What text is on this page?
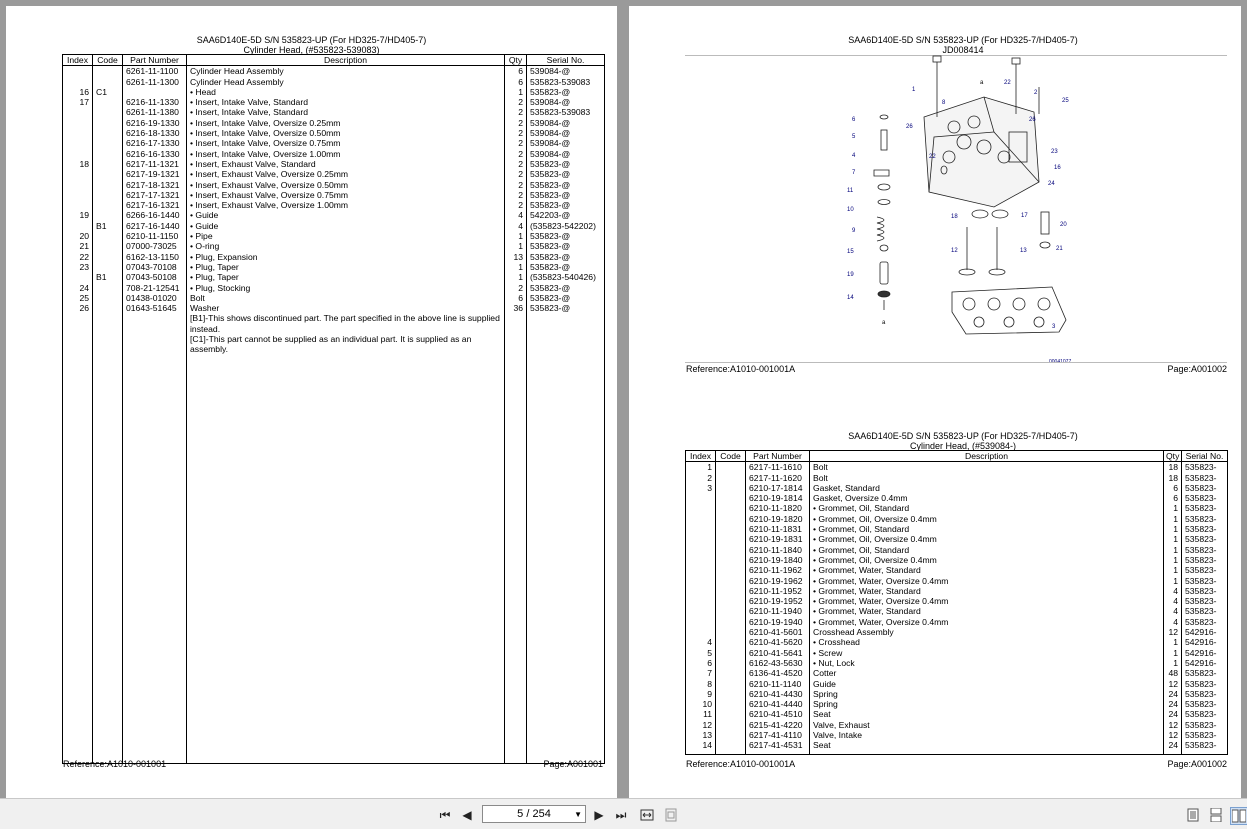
SAA6D140E-5D S/N 535823-UP (For HD325-7/HD405-7)
Cylinder Head, (#535823-539083)
Index	Code	Part Number	Description	Qty	Serial No.
		6261-11-1100	Cylinder Head Assembly	6	539084-@
		6261-11-1300	Cylinder Head Assembly	6	535823-539083
16	C1		• Head	1	535823-@
17		6216-11-1330	• Insert, Intake Valve, Standard	2	539084-@
		6261-11-1380	• Insert, Intake Valve, Standard	2	535823-539083
		6216-19-1330	• Insert, Intake Valve, Oversize 0.25mm	2	539084-@
		6216-18-1330	• Insert, Intake Valve, Oversize 0.50mm	2	539084-@
		6216-17-1330	• Insert, Intake Valve, Oversize 0.75mm	2	539084-@
		6216-16-1330	• Insert, Intake Valve, Oversize 1.00mm	2	539084-@
18		6217-11-1321	• Insert, Exhaust Valve, Standard	2	535823-@
		6217-19-1321	• Insert, Exhaust Valve, Oversize 0.25mm	2	535823-@
		6217-18-1321	• Insert, Exhaust Valve, Oversize 0.50mm	2	535823-@
		6217-17-1321	• Insert, Exhaust Valve, Oversize 0.75mm	2	535823-@
		6217-16-1321	• Insert, Exhaust Valve, Oversize 1.00mm	2	535823-@
19		6266-16-1440	• Guide	4	542203-@
	B1	6217-16-1440	• Guide	4	(535823-542202)
20		6210-11-1150	• Pipe	1	535823-@
21		07000-73025	• O-ring	1	535823-@
22		6162-13-1150	• Plug, Expansion	13	535823-@
23		07043-70108	• Plug, Taper	1	535823-@
	B1	07043-50108	• Plug, Taper	1	(535823-540426)
24		708-21-12541	• Plug, Stocking	2	535823-@
25		01438-01020	Bolt	6	535823-@
26		01643-51645	Washer	36	535823-@
			[B1]-This shows discontinued part. The part specified in the above line is supplied instead.		
			[C1]-This part cannot be supplied as an individual part. It is supplied as an assembly.		

Reference:A1010-001001	Page:A001001
SAA6D140E-5D S/N 535823-UP (For HD325-7/HD405-7)
JD008414
1
22
2
25
8
a
6
26
26
5
4
23
16
7
22
24
11
10
18	17
20
9
15	12	13	21
19
14
3
a
00041077
Reference:A1010-001001A	Page:A001002
SAA6D140E-5D S/N 535823-UP (For HD325-7/HD405-7)
Cylinder Head, (#539084-)
Index	Code	Part Number	Description	Qty	Serial No.
1		6217-11-1610	Bolt	18	535823-
2		6217-11-1620	Bolt	18	535823-
3		6210-17-1814	Gasket, Standard	6	535823-
		6210-19-1814	Gasket, Oversize 0.4mm	6	535823-
		6210-11-1820	• Grommet, Oil, Standard	1	535823-
		6210-19-1820	• Grommet, Oil, Oversize 0.4mm	1	535823-
		6210-11-1831	• Grommet, Oil, Standard	1	535823-
		6210-19-1831	• Grommet, Oil, Oversize 0.4mm	1	535823-
		6210-11-1840	• Grommet, Oil, Standard	1	535823-
		6210-19-1840	• Grommet, Oil, Oversize 0.4mm	1	535823-
		6210-11-1962	• Grommet, Water, Standard	1	535823-
		6210-19-1962	• Grommet, Water, Oversize 0.4mm	1	535823-
		6210-11-1952	• Grommet, Water, Standard	4	535823-
		6210-19-1952	• Grommet, Water, Oversize 0.4mm	4	535823-
		6210-11-1940	• Grommet, Water, Standard	4	535823-
		6210-19-1940	• Grommet, Water, Oversize 0.4mm	4	535823-
		6210-41-5601	Crosshead Assembly	12	542916-
4		6210-41-5620	• Crosshead	1	542916-
5		6210-41-5641	• Screw	1	542916-
6		6162-43-5630	• Nut, Lock	1	542916-
7		6136-41-4520	Cotter	48	535823-
8		6210-11-1140	Guide	12	535823-
9		6210-41-4430	Spring	24	535823-
10		6210-41-4440	Spring	24	535823-
11		6210-41-4510	Seat	24	535823-
12		6215-41-4220	Valve, Exhaust	12	535823-
13		6217-41-4110	Valve, Intake	12	535823-
14		6217-41-4531	Seat	24	535823-

Reference:A1010-001001A	Page:A001002
⏮ ◀	5 / 254	▼ ▶ ⏭
